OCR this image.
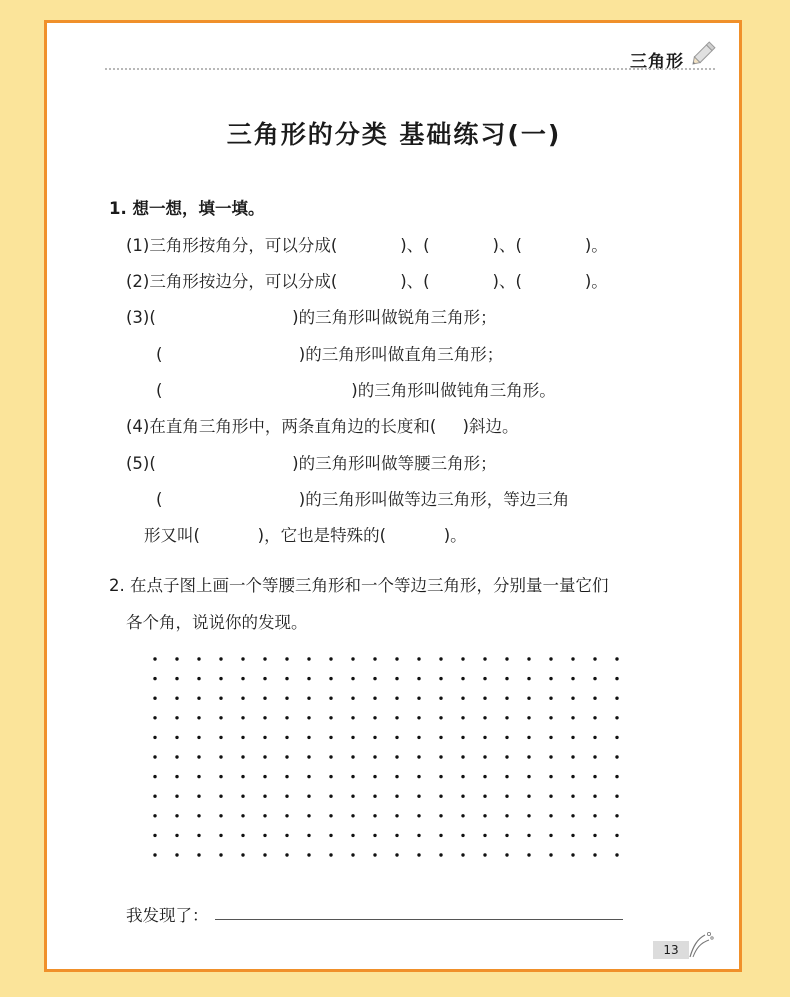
三角形
三角形的分类 基础练习(一)
1. 想一想，填一填。
(1)三角形按角分，可以分成(            )、(            )、(            )。
(2)三角形按边分，可以分成(            )、(            )、(            )。
(3)(                          )的三角形叫做锐角三角形；
(                          )的三角形叫做直角三角形；
(                                    )的三角形叫做钝角三角形。
(4)在直角三角形中，两条直角边的长度和(     )斜边。
(5)(                          )的三角形叫做等腰三角形；
(                          )的三角形叫做等边三角形，等边三角
形又叫(           )，它也是特殊的(           )。
2. 在点子图上画一个等腰三角形和一个等边三角形，分别量一量它们
各个角，说说你的发现。
我发现了：
13
